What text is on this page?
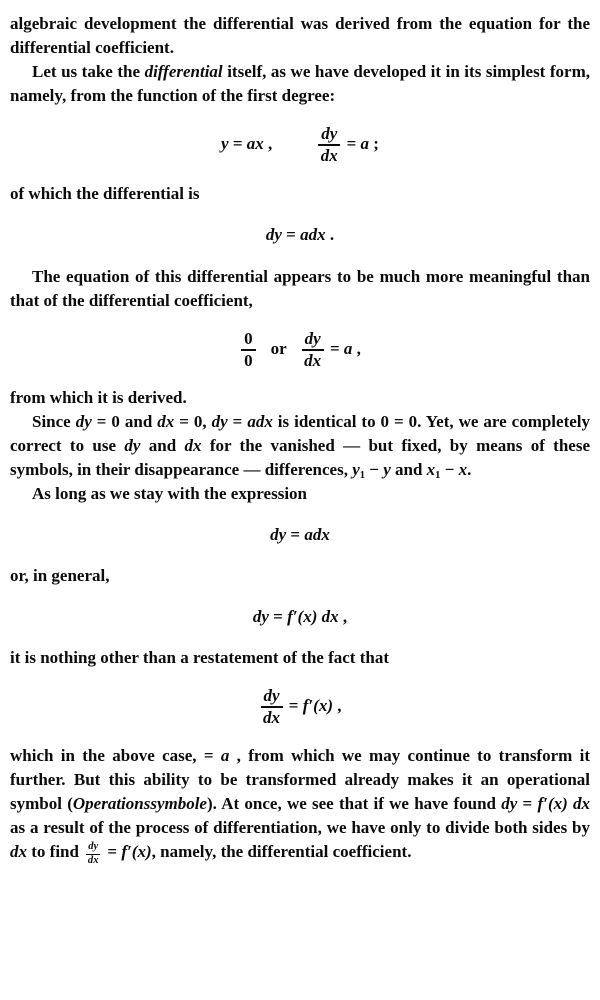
algebraic development the differential was derived from the equation for the differential coefficient.

Let us take the differential itself, as we have developed it in its simplest form, namely, from the function of the first degree:

y = ax ,	$\frac{dy}{dx} = a$ ;

of which the differential is

dy = adx .

The equation of this differential appears to be much more meaningful than that of the differential coefficient,

$\frac{0}{0}$ or $\frac{dy}{dx} = a$ ,

from which it is derived.

Since dy = 0 and dx = 0, dy = adx is identical to 0 = 0. Yet, we are completely correct to use dy and dx for the vanished — but fixed, by means of these symbols, in their disappearance — differences, $y_1 - y$ and $x_1 - x$.

As long as we stay with the expression

dy = adx

or, in general,

dy = f′(x) dx ,

it is nothing other than a restatement of the fact that

$\frac{dy}{dx} = f'(x)$ ,

which in the above case, = a , from which we may continue to transform it further. But this ability to be transformed already makes it an operational symbol (Operationssymbole). At once, we see that if we have found dy = f′(x) dx as a result of the process of differentiation, we have only to divide both sides by dx to find $\frac{dy}{dx} = f'(x)$, namely, the differential coefficient.
